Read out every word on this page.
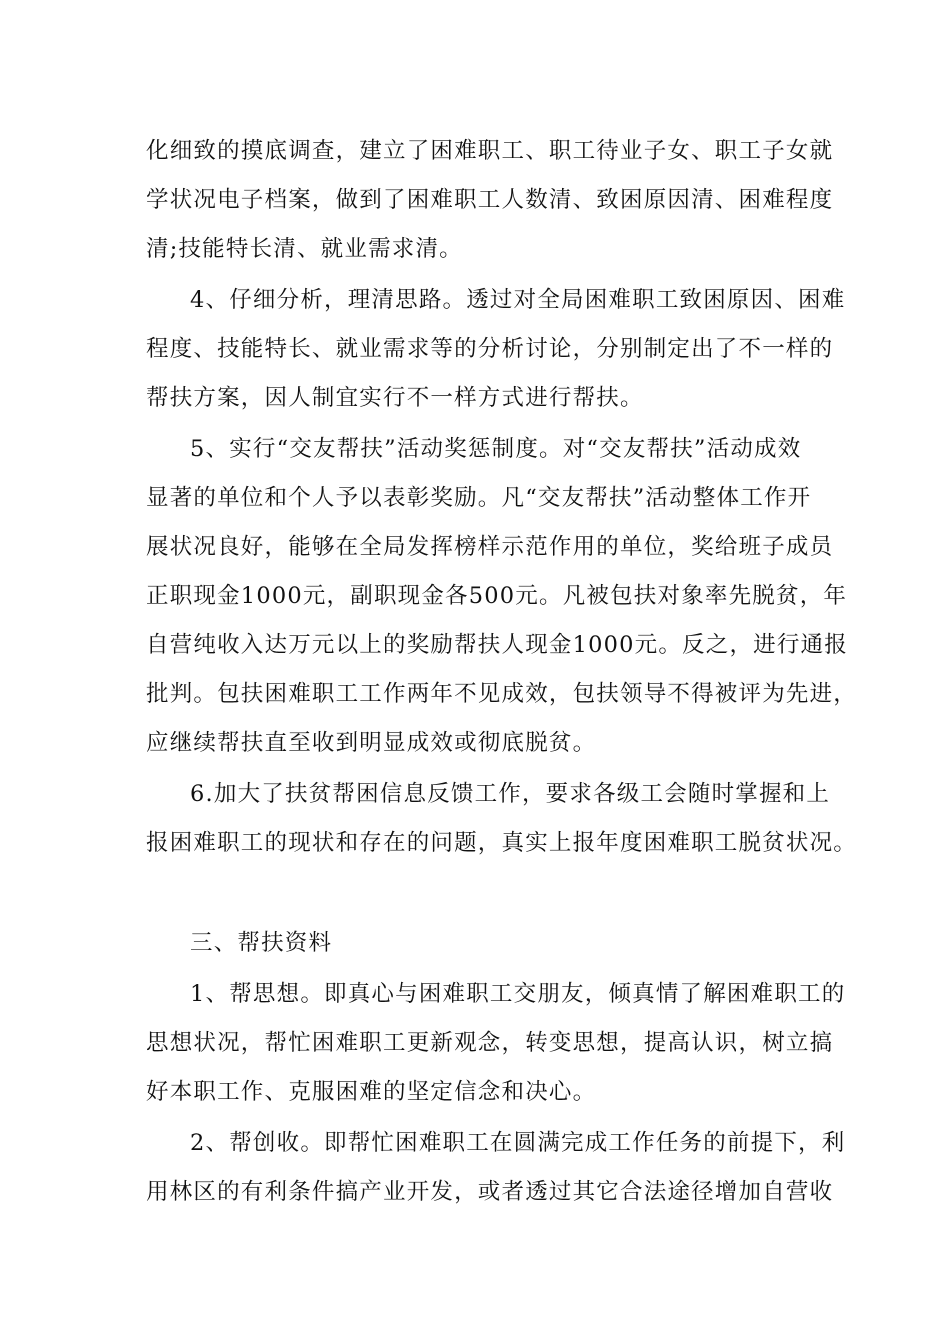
化细致的摸底调查，建立了困难职工、职工待业子女、职工子女就
学状况电子档案，做到了困难职工人数清、致困原因清、困难程度
清;技能特长清、就业需求清。
4、仔细分析，理清思路。透过对全局困难职工致困原因、困难
程度、技能特长、就业需求等的分析讨论，分别制定出了不一样的
帮扶方案，因人制宜实行不一样方式进行帮扶。
5、实行“交友帮扶”活动奖惩制度。对“交友帮扶”活动成效
显著的单位和个人予以表彰奖励。凡“交友帮扶”活动整体工作开
展状况良好，能够在全局发挥榜样示范作用的单位，奖给班子成员
正职现金1000元，副职现金各500元。凡被包扶对象率先脱贫，年
自营纯收入达万元以上的奖励帮扶人现金1000元。反之，进行通报
批判。包扶困难职工工作两年不见成效，包扶领导不得被评为先进，
应继续帮扶直至收到明显成效或彻底脱贫。
6.加大了扶贫帮困信息反馈工作，要求各级工会随时掌握和上
报困难职工的现状和存在的问题，真实上报年度困难职工脱贫状况。
三、帮扶资料
1、帮思想。即真心与困难职工交朋友，倾真情了解困难职工的
思想状况，帮忙困难职工更新观念，转变思想，提高认识，树立搞
好本职工作、克服困难的坚定信念和决心。
2、帮创收。即帮忙困难职工在圆满完成工作任务的前提下，利
用林区的有利条件搞产业开发，或者透过其它合法途径增加自营收
